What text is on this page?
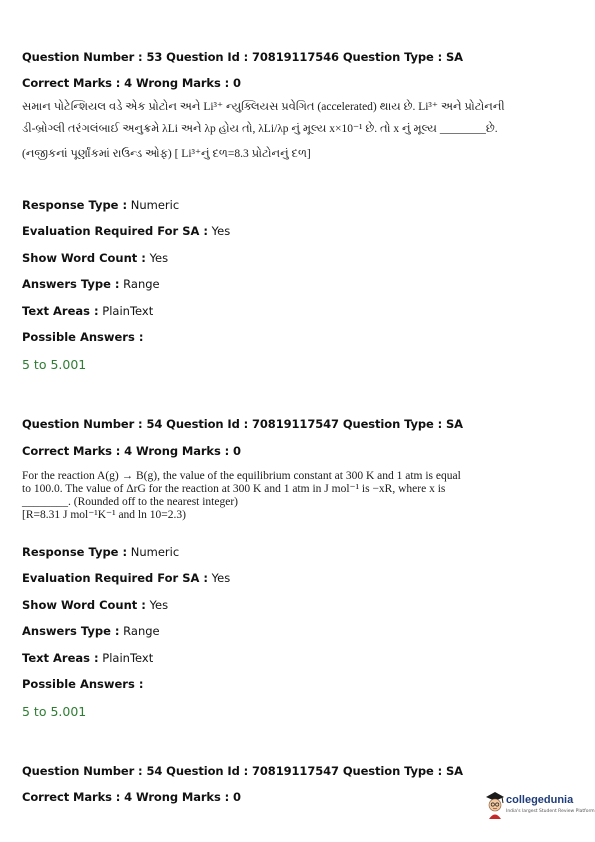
Question Number : 53 Question Id : 70819117546 Question Type : SA
Correct Marks : 4 Wrong Marks : 0
સમાન પોટેન્શિયલ વડે એક પ્રોટોન અને Li³⁺ ન્યુક્લિયસ પ્રવેગિત (accelerated) થાય છે. Li³⁺ અને પ્રોટોનની
ડી-બ્રોગ્લી તરંગલંબાઈ અનુક્રમે λLi અને λp હોય તો, λLi/λp નું મૂલ્ય x×10⁻¹ છે. તો x નું મૂલ્ય ________છે.
(નજીકનાં પૂર્ણાંકમાં રાઉન્ડ ઓફ) [ Li³⁺નું દળ=8.3 પ્રોટોનનું દળ]
Response Type : Numeric
Evaluation Required For SA : Yes
Show Word Count : Yes
Answers Type : Range
Text Areas : PlainText
Possible Answers :
5 to 5.001
Question Number : 54 Question Id : 70819117547 Question Type : SA
Correct Marks : 4 Wrong Marks : 0
For the reaction A(g) → B(g), the value of the equilibrium constant at 300 K and 1 atm is equal
to 100.0. The value of ΔrG for the reaction at 300 K and 1 atm in J mol⁻¹ is −xR, where x is
________. (Rounded off to the nearest integer)
[R=8.31 J mol⁻¹K⁻¹ and ln 10=2.3)
Response Type : Numeric
Evaluation Required For SA : Yes
Show Word Count : Yes
Answers Type : Range
Text Areas : PlainText
Possible Answers :
5 to 5.001
Question Number : 54 Question Id : 70819117547 Question Type : SA
Correct Marks : 4 Wrong Marks : 0	collegedunia
India's largest Student Review Platform
